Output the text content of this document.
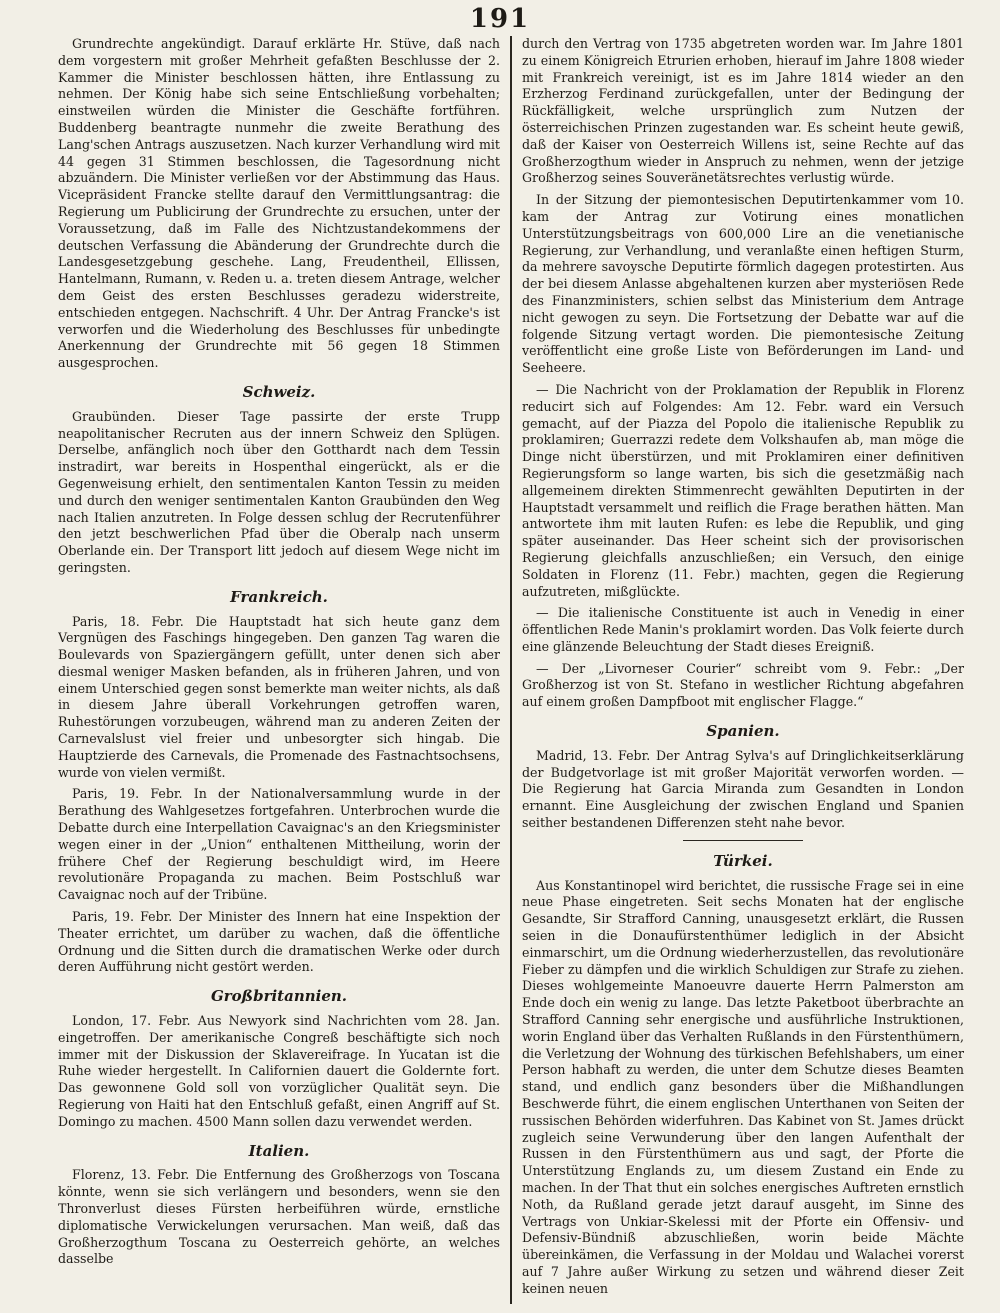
191

Grundrechte angekündigt. Darauf erklärte Hr. Stüve, daß nach dem vorgestern mit großer Mehrheit gefaßten Beschlusse der 2. Kammer die Minister beschlossen hätten, ihre Entlassung zu nehmen. Der König habe sich seine Entschließung vorbehalten; einstweilen würden die Minister die Geschäfte fortführen. Buddenberg beantragte nunmehr die zweite Berathung des Lang'schen Antrags auszusetzen. Nach kurzer Verhandlung wird mit 44 gegen 31 Stimmen beschlossen, die Tagesordnung nicht abzuändern. Die Minister verließen vor der Abstimmung das Haus. Vicepräsident Francke stellte darauf den Vermittlungsantrag: die Regierung um Publicirung der Grundrechte zu ersuchen, unter der Voraussetzung, daß im Falle des Nichtzustandekommens der deutschen Verfassung die Abänderung der Grundrechte durch die Landesgesetzgebung geschehe. Lang, Freudentheil, Ellissen, Hantelmann, Rumann, v. Reden u. a. treten diesem Antrage, welcher dem Geist des ersten Beschlusses geradezu widerstreite, entschieden entgegen. Nachschrift. 4 Uhr. Der Antrag Francke's ist verworfen und die Wiederholung des Beschlusses für unbedingte Anerkennung der Grundrechte mit 56 gegen 18 Stimmen ausgesprochen.

Schweiz.

Graubünden. Dieser Tage passirte der erste Trupp neapolitanischer Recruten aus der innern Schweiz den Splügen. Derselbe, anfänglich noch über den Gotthardt nach dem Tessin instradirt, war bereits in Hospenthal eingerückt, als er die Gegenweisung erhielt, den sentimentalen Kanton Tessin zu meiden und durch den weniger sentimentalen Kanton Graubünden den Weg nach Italien anzutreten. In Folge dessen schlug der Recrutenführer den jetzt beschwerlichen Pfad über die Oberalp nach unserm Oberlande ein. Der Transport litt jedoch auf diesem Wege nicht im geringsten.

Frankreich.

Paris, 18. Febr. Die Hauptstadt hat sich heute ganz dem Vergnügen des Faschings hingegeben. Den ganzen Tag waren die Boulevards von Spaziergängern gefüllt, unter denen sich aber diesmal weniger Masken befanden, als in früheren Jahren, und von einem Unterschied gegen sonst bemerkte man weiter nichts, als daß in diesem Jahre überall Vorkehrungen getroffen waren, Ruhestörungen vorzubeugen, während man zu anderen Zeiten der Carnevalslust viel freier und unbesorgter sich hingab. Die Hauptzierde des Carnevals, die Promenade des Fastnachtsochsens, wurde von vielen vermißt.

Paris, 19. Febr. In der Nationalversammlung wurde in der Berathung des Wahlgesetzes fortgefahren. Unterbrochen wurde die Debatte durch eine Interpellation Cavaignac's an den Kriegsminister wegen einer in der „Union“ enthaltenen Mittheilung, worin der frühere Chef der Regierung beschuldigt wird, im Heere revolutionäre Propaganda zu machen. Beim Postschluß war Cavaignac noch auf der Tribüne.

Paris, 19. Febr. Der Minister des Innern hat eine Inspektion der Theater errichtet, um darüber zu wachen, daß die öffentliche Ordnung und die Sitten durch die dramatischen Werke oder durch deren Aufführung nicht gestört werden.

Großbritannien.

London, 17. Febr. Aus Newyork sind Nachrichten vom 28. Jan. eingetroffen. Der amerikanische Congreß beschäftigte sich noch immer mit der Diskussion der Sklavereifrage. In Yucatan ist die Ruhe wieder hergestellt. In Californien dauert die Goldernte fort. Das gewonnene Gold soll von vorzüglicher Qualität seyn. Die Regierung von Haiti hat den Entschluß gefaßt, einen Angriff auf St. Domingo zu machen. 4500 Mann sollen dazu verwendet werden.

Italien.

Florenz, 13. Febr. Die Entfernung des Großherzogs von Toscana könnte, wenn sie sich verlängern und besonders, wenn sie den Thronverlust dieses Fürsten herbeiführen würde, ernstliche diplomatische Verwickelungen verursachen. Man weiß, daß das Großherzogthum Toscana zu Oesterreich gehörte, an welches dasselbe

durch den Vertrag von 1735 abgetreten worden war. Im Jahre 1801 zu einem Königreich Etrurien erhoben, hierauf im Jahre 1808 wieder mit Frankreich vereinigt, ist es im Jahre 1814 wieder an den Erzherzog Ferdinand zurückgefallen, unter der Bedingung der Rückfälligkeit, welche ursprünglich zum Nutzen der österreichischen Prinzen zugestanden war. Es scheint heute gewiß, daß der Kaiser von Oesterreich Willens ist, seine Rechte auf das Großherzogthum wieder in Anspruch zu nehmen, wenn der jetzige Großherzog seines Souveränetätsrechtes verlustig würde.

In der Sitzung der piemontesischen Deputirtenkammer vom 10. kam der Antrag zur Votirung eines monatlichen Unterstützungsbeitrags von 600,000 Lire an die venetianische Regierung, zur Verhandlung, und veranlaßte einen heftigen Sturm, da mehrere savoysche Deputirte förmlich dagegen protestirten. Aus der bei diesem Anlasse abgehaltenen kurzen aber mysteriösen Rede des Finanzministers, schien selbst das Ministerium dem Antrage nicht gewogen zu seyn. Die Fortsetzung der Debatte war auf die folgende Sitzung vertagt worden. Die piemontesische Zeitung veröffentlicht eine große Liste von Beförderungen im Land- und Seeheere.

— Die Nachricht von der Proklamation der Republik in Florenz reducirt sich auf Folgendes: Am 12. Febr. ward ein Versuch gemacht, auf der Piazza del Popolo die italienische Republik zu proklamiren; Guerrazzi redete dem Volkshaufen ab, man möge die Dinge nicht überstürzen, und mit Proklamiren einer definitiven Regierungsform so lange warten, bis sich die gesetzmäßig nach allgemeinem direkten Stimmenrecht gewählten Deputirten in der Hauptstadt versammelt und reiflich die Frage berathen hätten. Man antwortete ihm mit lauten Rufen: es lebe die Republik, und ging später auseinander. Das Heer scheint sich der provisorischen Regierung gleichfalls anzuschließen; ein Versuch, den einige Soldaten in Florenz (11. Febr.) machten, gegen die Regierung aufzutreten, mißglückte.

— Die italienische Constituente ist auch in Venedig in einer öffentlichen Rede Manin's proklamirt worden. Das Volk feierte durch eine glänzende Beleuchtung der Stadt dieses Ereigniß.

— Der „Livorneser Courier“ schreibt vom 9. Febr.: „Der Großherzog ist von St. Stefano in westlicher Richtung abgefahren auf einem großen Dampfboot mit englischer Flagge.“

Spanien.

Madrid, 13. Febr. Der Antrag Sylva's auf Dringlichkeitserklärung der Budgetvorlage ist mit großer Majorität verworfen worden. — Die Regierung hat Garcia Miranda zum Gesandten in London ernannt. Eine Ausgleichung der zwischen England und Spanien seither bestandenen Differenzen steht nahe bevor.

Türkei.

Aus Konstantinopel wird berichtet, die russische Frage sei in eine neue Phase eingetreten. Seit sechs Monaten hat der englische Gesandte, Sir Strafford Canning, unausgesetzt erklärt, die Russen seien in die Donaufürstenthümer lediglich in der Absicht einmarschirt, um die Ordnung wiederherzustellen, das revolutionäre Fieber zu dämpfen und die wirklich Schuldigen zur Strafe zu ziehen. Dieses wohlgemeinte Manoeuvre dauerte Herrn Palmerston am Ende doch ein wenig zu lange. Das letzte Paketboot überbrachte an Strafford Canning sehr energische und ausführliche Instruktionen, worin England über das Verhalten Rußlands in den Fürstenthümern, die Verletzung der Wohnung des türkischen Befehlshabers, um einer Person habhaft zu werden, die unter dem Schutze dieses Beamten stand, und endlich ganz besonders über die Mißhandlungen Beschwerde führt, die einem englischen Unterthanen von Seiten der russischen Behörden widerfuhren. Das Kabinet von St. James drückt zugleich seine Verwunderung über den langen Aufenthalt der Russen in den Fürstenthümern aus und sagt, der Pforte die Unterstützung Englands zu, um diesem Zustand ein Ende zu machen. In der That thut ein solches energisches Auftreten ernstlich Noth, da Rußland gerade jetzt darauf ausgeht, im Sinne des Vertrags von Unkiar-Skelessi mit der Pforte ein Offensiv- und Defensiv-Bündniß abzuschließen, worin beide Mächte übereinkämen, die Verfassung in der Moldau und Walachei vorerst auf 7 Jahre außer Wirkung zu setzen und während dieser Zeit keinen neuen
